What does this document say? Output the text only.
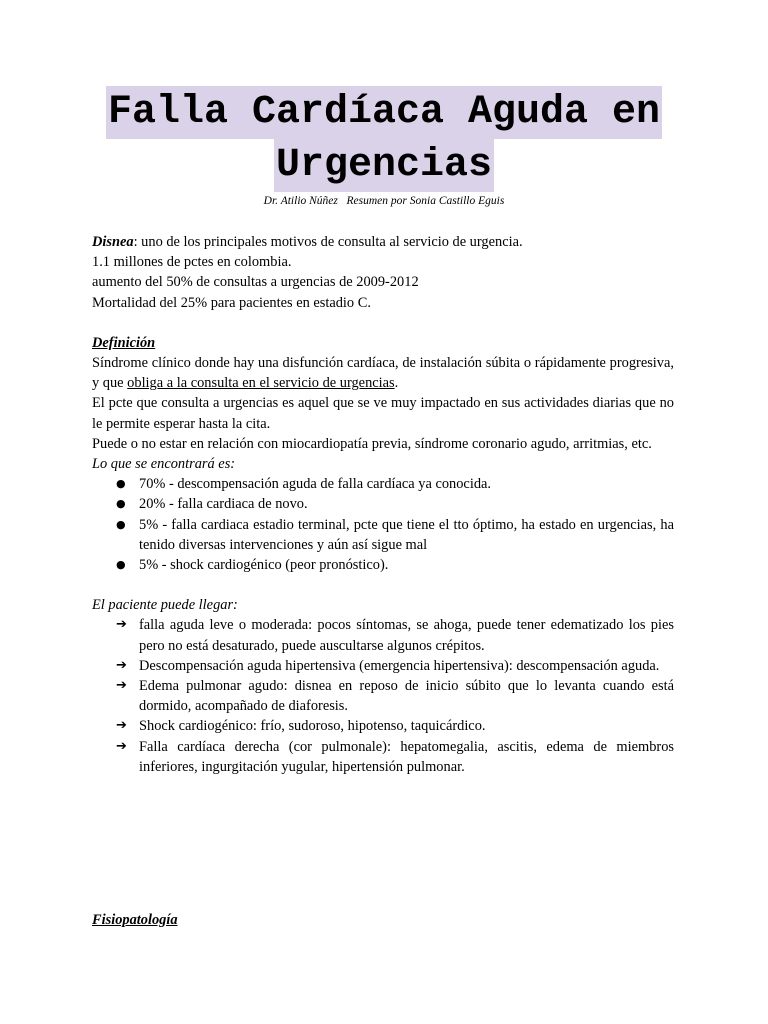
Falla Cardíaca Aguda en
Urgencias
Dr. Atilio Núñez   Resumen por Sonia Castillo Eguis

Disnea: uno de los principales motivos de consulta al servicio de urgencia.

1.1 millones de pctes en colombia.

aumento del 50% de consultas a urgencias de 2009-2012

Mortalidad del 25% para pacientes en estadio C.

Definición

Síndrome clínico donde hay una disfunción cardíaca, de instalación súbita o rápidamente progresiva, y que obliga a la consulta en el servicio de urgencias.

El pcte que consulta a urgencias es aquel que se ve muy impactado en sus actividades diarias que no le permite esperar hasta la cita.

Puede o no estar en relación con miocardiopatía previa, síndrome coronario agudo, arritmias, etc.

Lo que se encontrará es:

● 70% - descompensación aguda de falla cardíaca ya conocida.
● 20% - falla cardiaca de novo.
● 5% - falla cardiaca estadio terminal, pcte que tiene el tto óptimo, ha estado en urgencias, ha tenido diversas intervenciones y aún así sigue mal
● 5% - shock cardiogénico (peor pronóstico).

El paciente puede llegar:

➔ falla aguda leve o moderada: pocos síntomas, se ahoga, puede tener edematizado los pies pero no está desaturado, puede auscultarse algunos crépitos.
➔ Descompensación aguda hipertensiva (emergencia hipertensiva): descompensación aguda.
➔ Edema pulmonar agudo: disnea en reposo de inicio súbito que lo levanta cuando está dormido, acompañado de diaforesis.
➔ Shock cardiogénico: frío, sudoroso, hipotenso, taquicárdico.
➔ Falla cardíaca derecha (cor pulmonale): hepatomegalia, ascitis, edema de miembros inferiores, ingurgitación yugular, hipertensión pulmonar.
Fisiopatología
